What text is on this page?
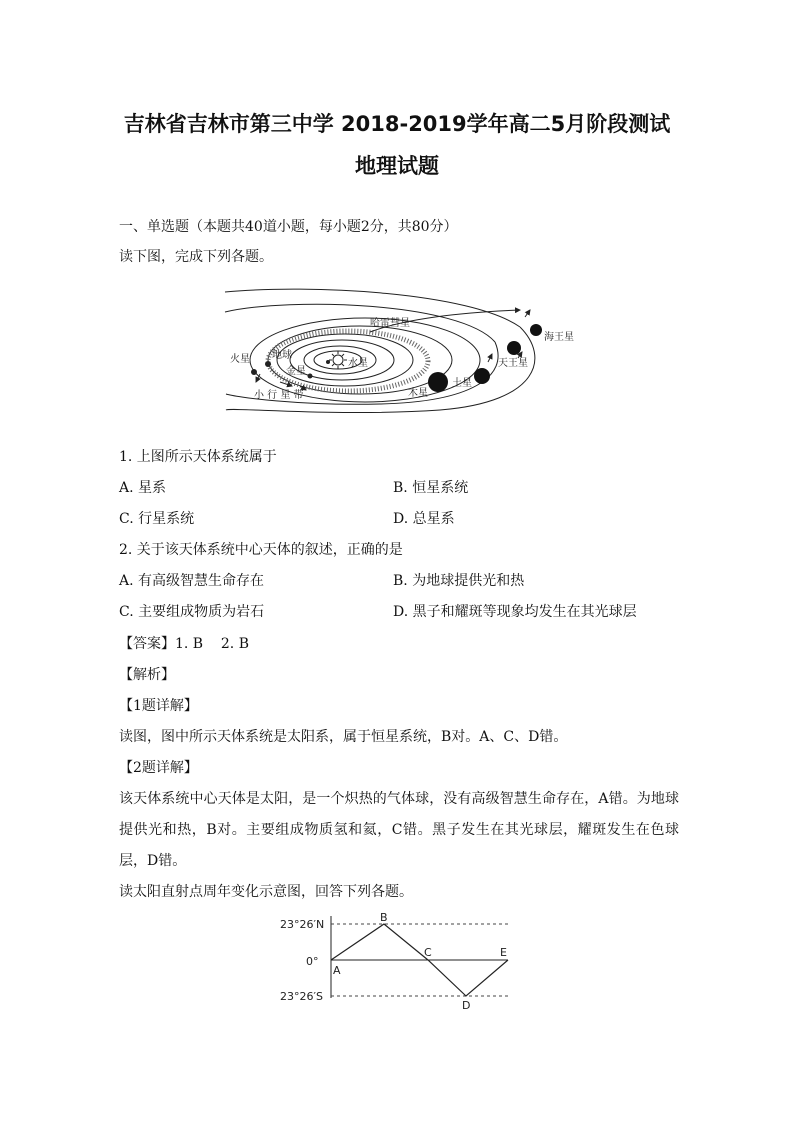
吉林省吉林市第三中学 2018-2019学年高二5月阶段测试
地理试题
一、单选题（本题共40道小题，每小题2分，共80分）
读下图，完成下列各题。
哈雷彗星
海王星
火星 地球
水星
金星
天王星
土星
木星
小 行 星 带
1. 上图所示天体系统属于
A. 星系	B. 恒星系统
C. 行星系统	D. 总星系
2. 关于该天体系统中心天体的叙述，正确的是
A. 有高级智慧生命存在	B. 为地球提供光和热
C. 主要组成物质为岩石	D. 黑子和耀斑等现象均发生在其光球层
【答案】1. B    2. B
【解析】
【1题详解】
读图，图中所示天体系统是太阳系，属于恒星系统，B对。A、C、D错。
【2题详解】
该天体系统中心天体是太阳，是一个炽热的气体球，没有高级智慧生命存在，A错。为地球提供光和热，B对。主要组成物质氢和氦，C错。黑子发生在其光球层，耀斑发生在色球层，D错。
读太阳直射点周年变化示意图，回答下列各题。
23°26′N
0°
23°26′S
A
B
C
D
E
